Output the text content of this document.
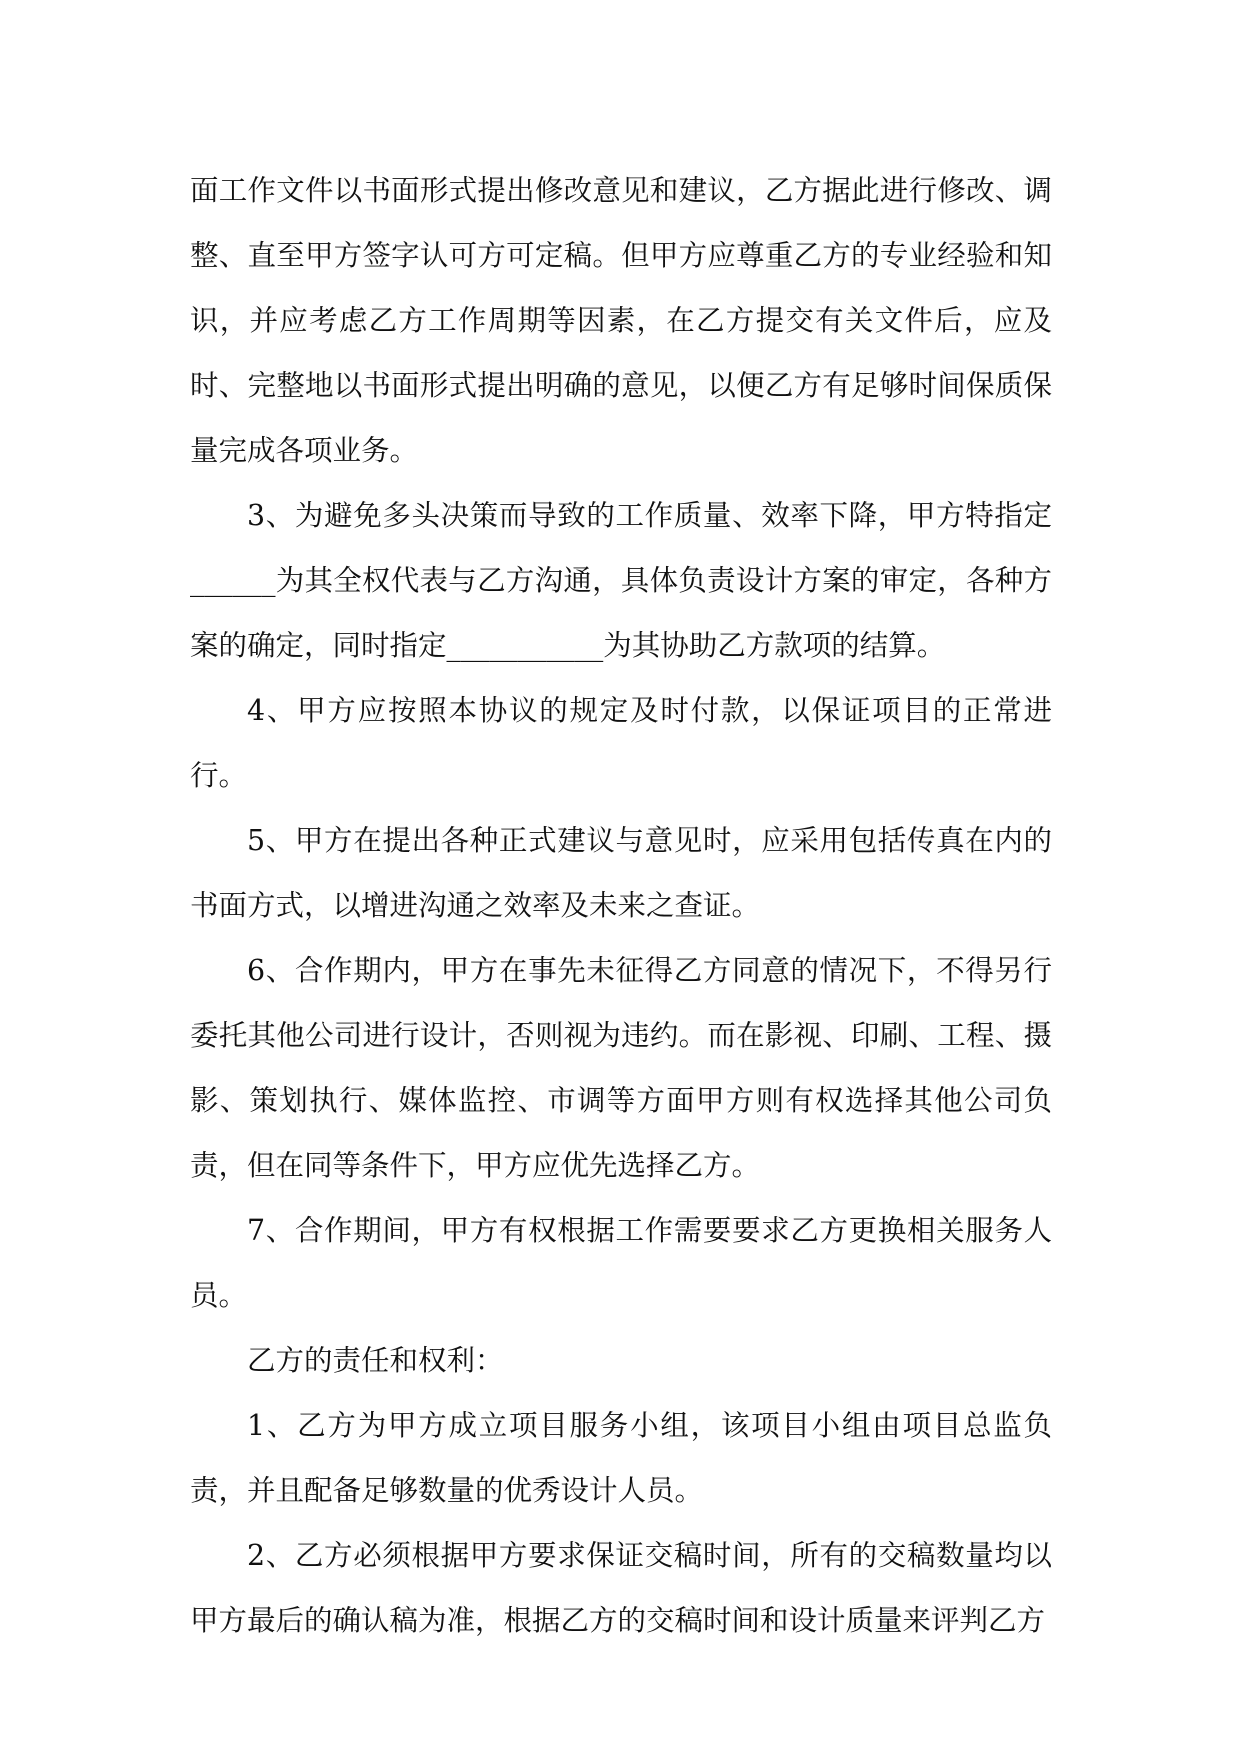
面工作文件以书面形式提出修改意见和建议，乙方据此进行修改、调整、直至甲方签字认可方可定稿。但甲方应尊重乙方的专业经验和知识，并应考虑乙方工作周期等因素，在乙方提交有关文件后，应及时、完整地以书面形式提出明确的意见，以便乙方有足够时间保质保量完成各项业务。

3、为避免多头决策而导致的工作质量、效率下降，甲方特指定______为其全权代表与乙方沟通，具体负责设计方案的审定，各种方案的确定，同时指定___________为其协助乙方款项的结算。

4、甲方应按照本协议的规定及时付款，以保证项目的正常进行。

5、甲方在提出各种正式建议与意见时，应采用包括传真在内的书面方式，以增进沟通之效率及未来之查证。

6、合作期内，甲方在事先未征得乙方同意的情况下，不得另行委托其他公司进行设计，否则视为违约。而在影视、印刷、工程、摄影、策划执行、媒体监控、市调等方面甲方则有权选择其他公司负责，但在同等条件下，甲方应优先选择乙方。

7、合作期间，甲方有权根据工作需要要求乙方更换相关服务人员。

乙方的责任和权利：

1、乙方为甲方成立项目服务小组，该项目小组由项目总监负责，并且配备足够数量的优秀设计人员。

2、乙方必须根据甲方要求保证交稿时间，所有的交稿数量均以甲方最后的确认稿为准，根据乙方的交稿时间和设计质量来评判乙方
